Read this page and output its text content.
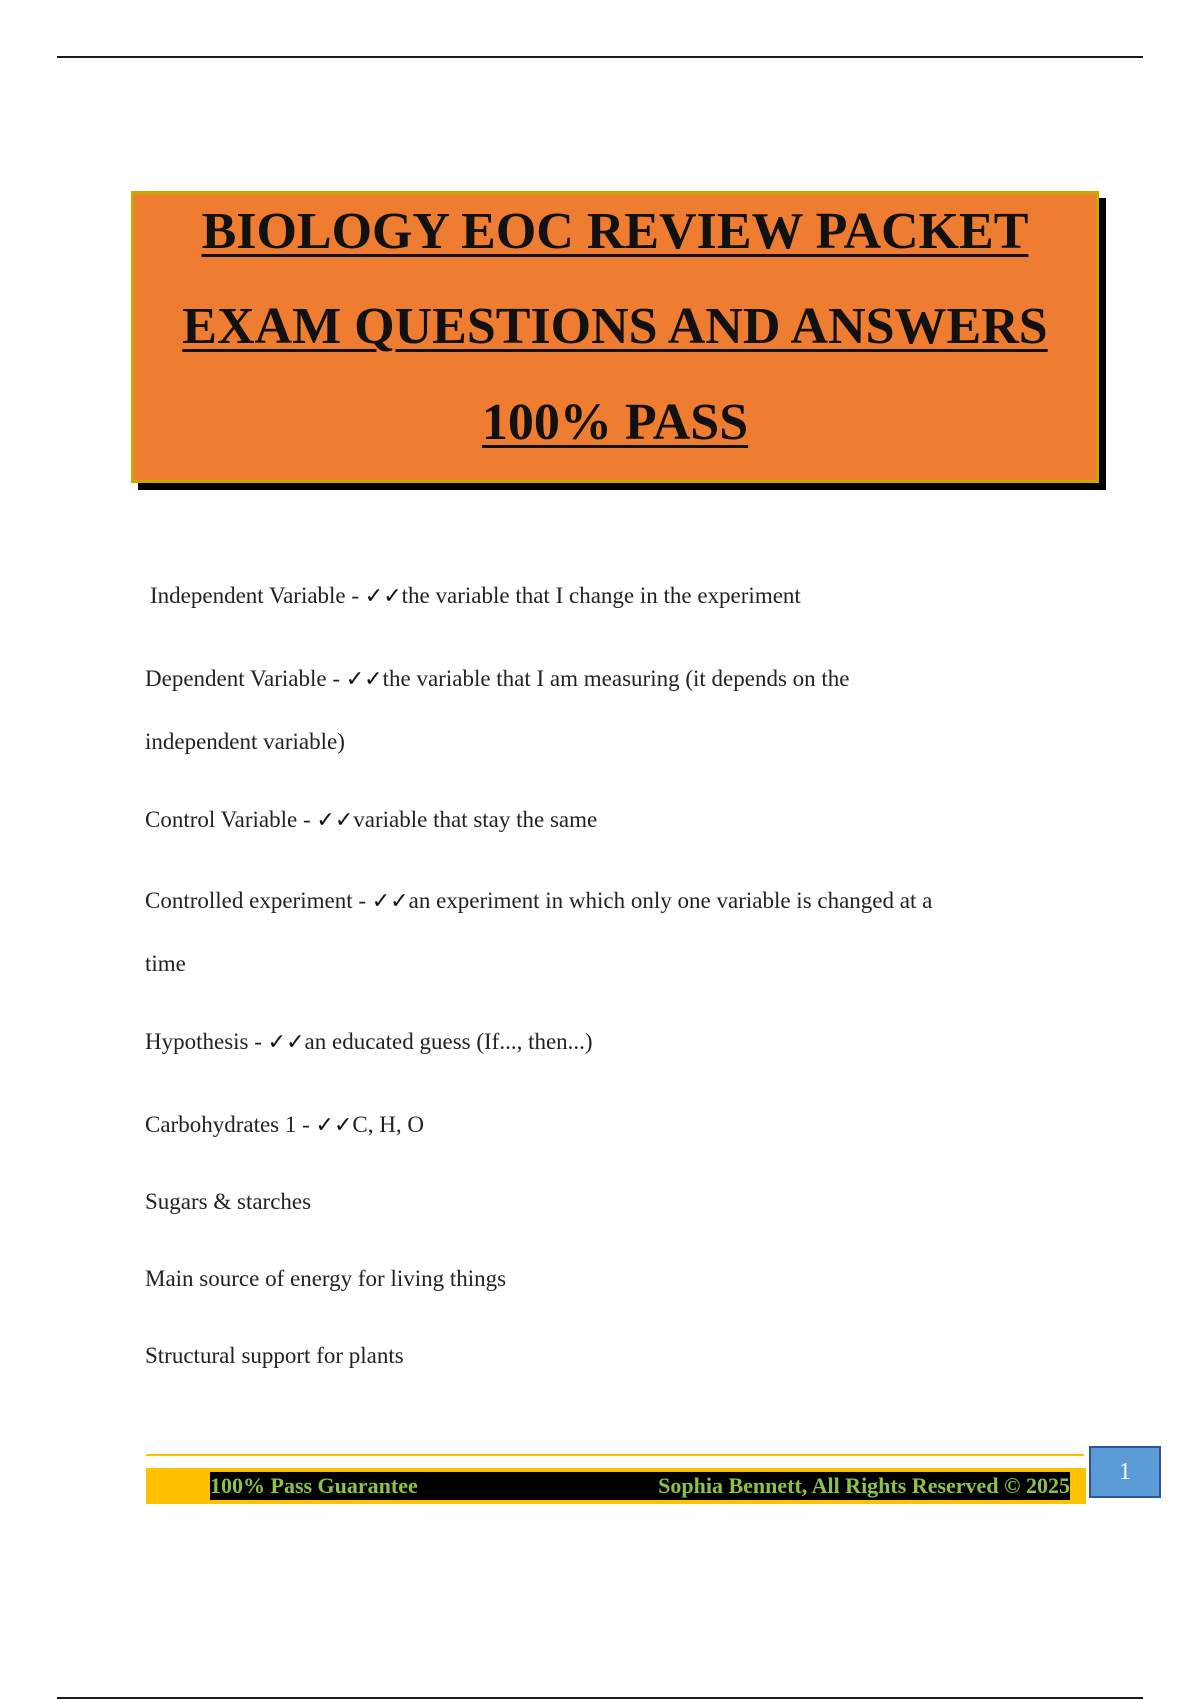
BIOLOGY EOC REVIEW PACKET
EXAM QUESTIONS AND ANSWERS
100% PASS
Independent Variable - ✓✓the variable that I change in the experiment
Dependent Variable - ✓✓the variable that I am measuring (it depends on the
independent variable)
Control Variable - ✓✓variable that stay the same
Controlled experiment - ✓✓an experiment in which only one variable is changed at a
time
Hypothesis - ✓✓an educated guess (If..., then...)
Carbohydrates 1 - ✓✓C, H, O
Sugars & starches
Main source of energy for living things
Structural support for plants
100% Pass Guarantee	Sophia Bennett, All Rights Reserved © 2025
1
